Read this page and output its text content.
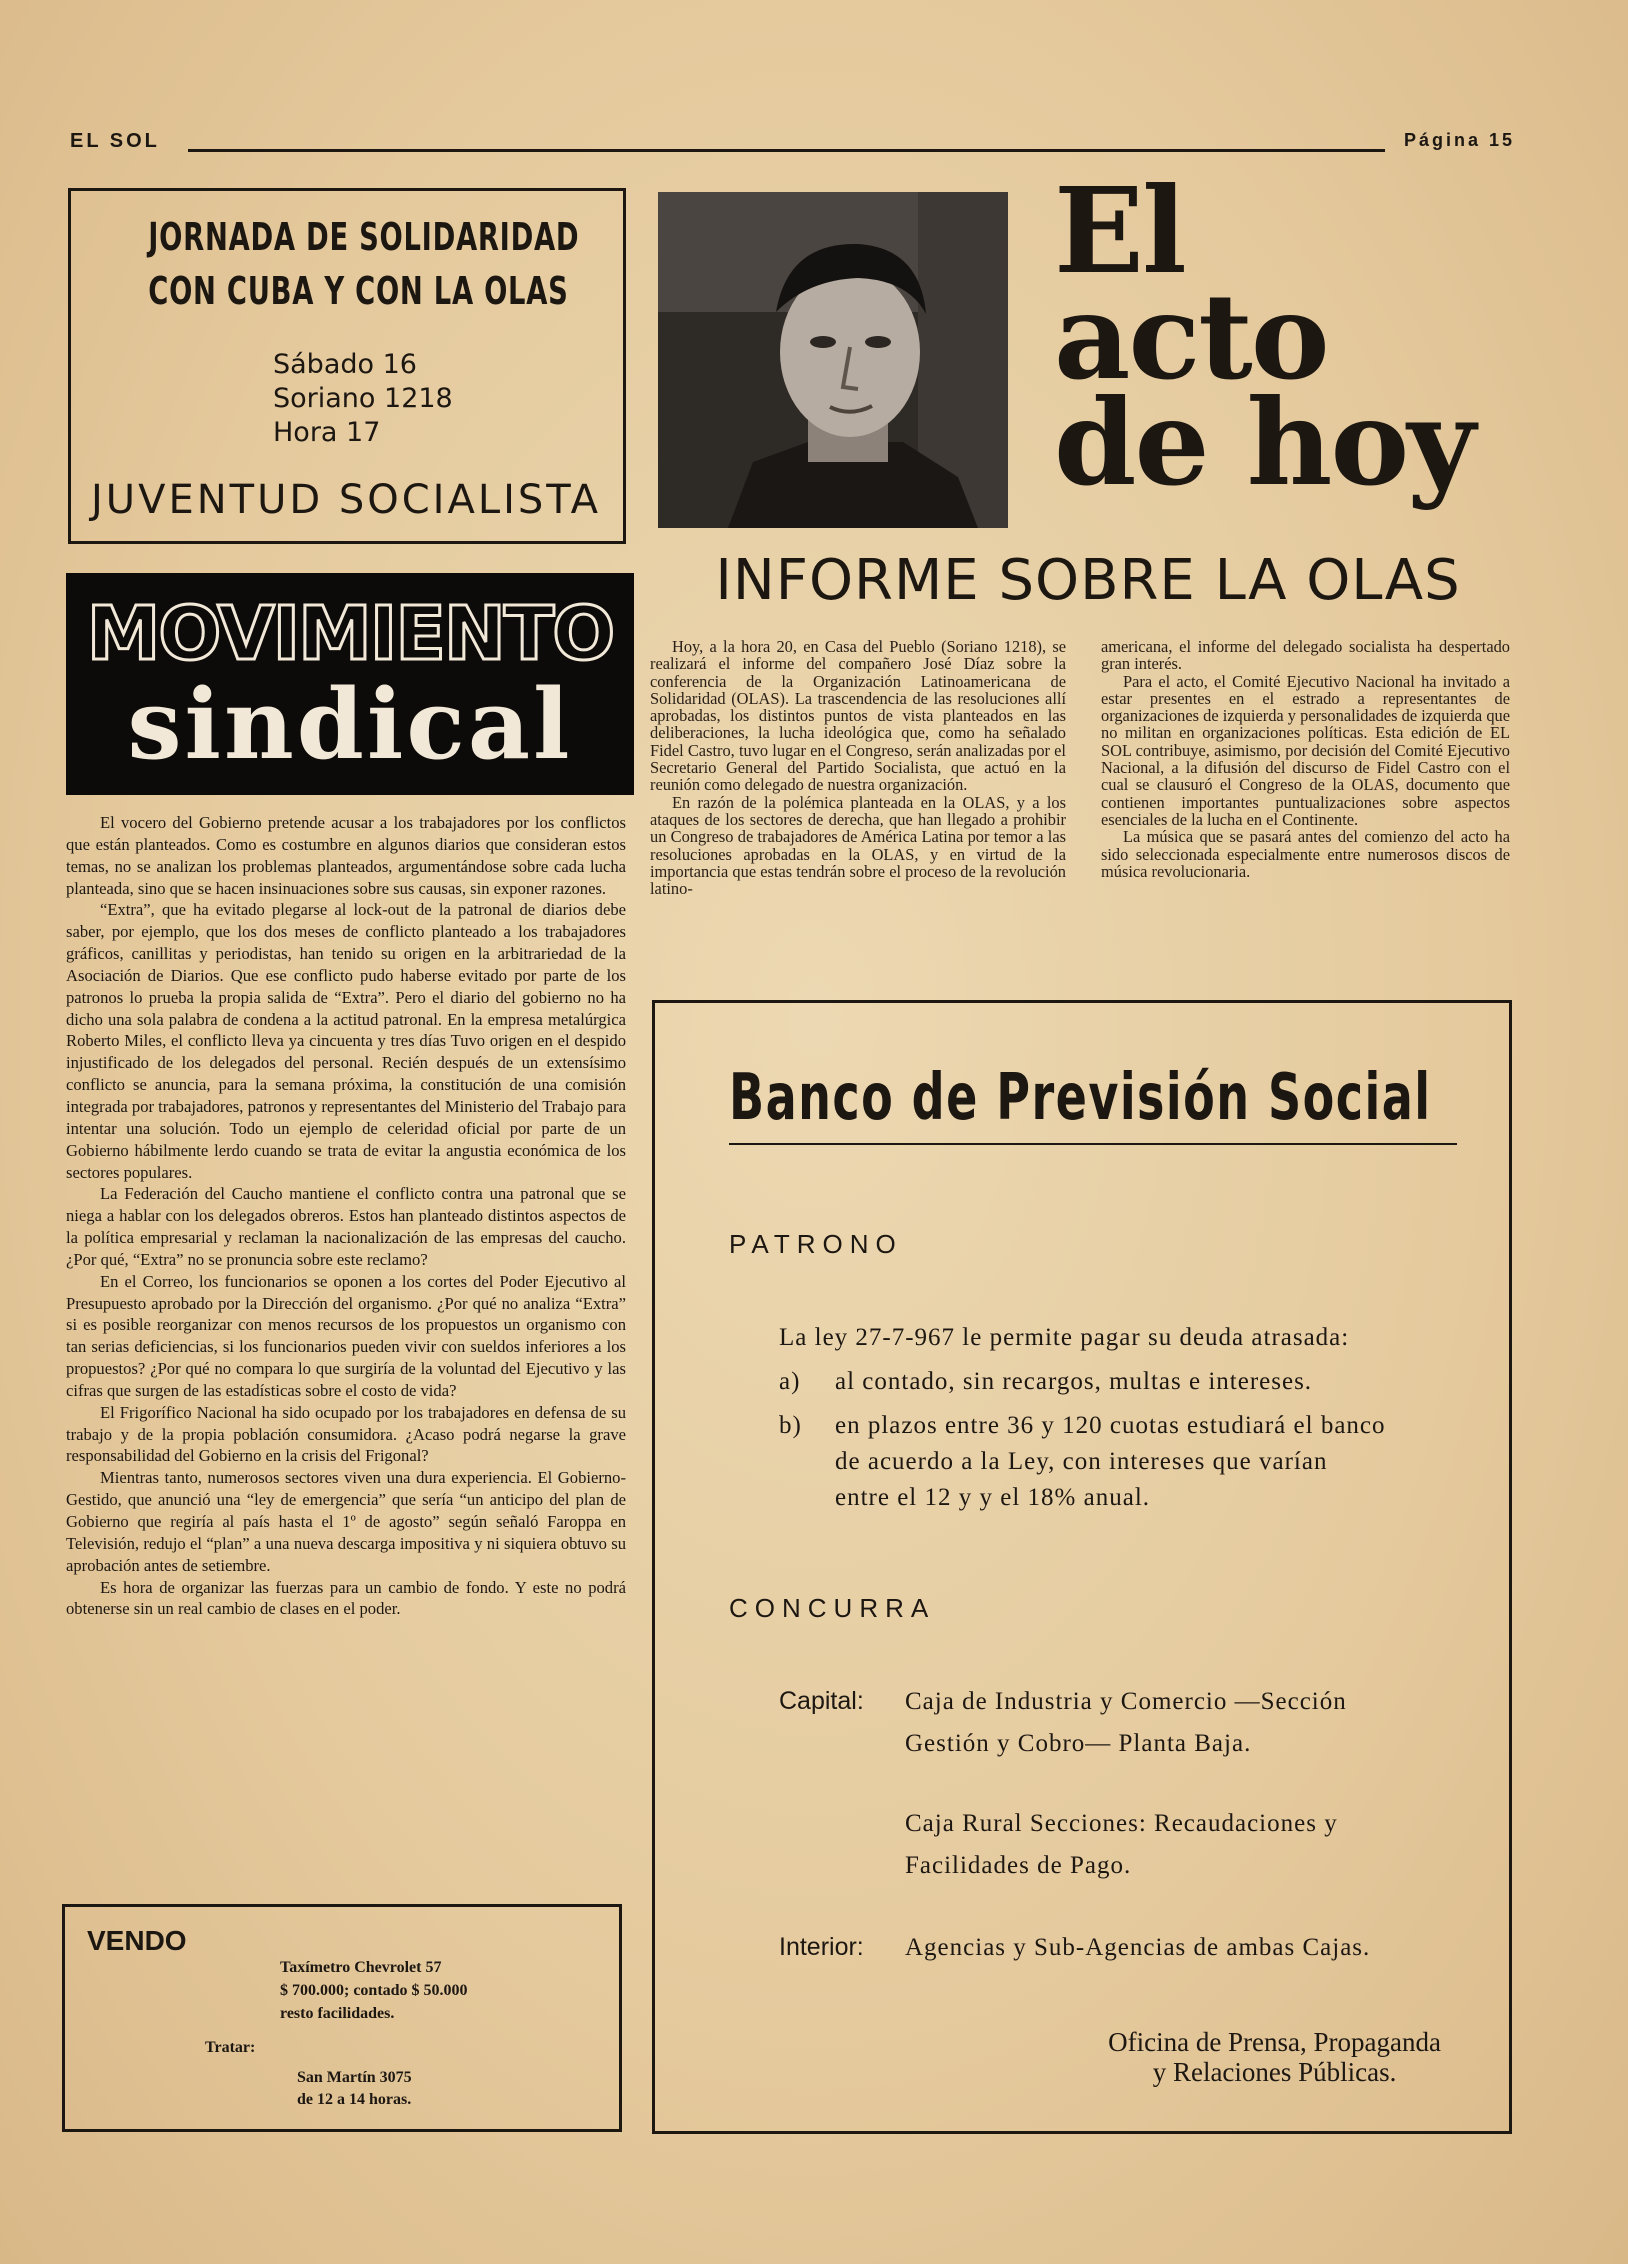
EL SOL	Página 15
JORNADA DE SOLIDARIDAD
CON CUBA Y CON LA OLAS
Sábado 16
Soriano 1218
Hora 17
JUVENTUD SOCIALISTA
MOVIMIENTO
sindical

El vocero del Gobierno pretende acusar a los trabajadores por los conflictos que están planteados. Como es costumbre en algunos diarios que consideran estos temas, no se analizan los problemas planteados, argumentándose sobre cada lucha planteada, sino que se hacen insinuaciones sobre sus causas, sin exponer razones.

“Extra”, que ha evitado plegarse al lock-out de la patronal de diarios debe saber, por ejemplo, que los dos meses de conflicto planteado a los trabajadores gráficos, canillitas y periodistas, han tenido su origen en la arbitrariedad de la Asociación de Diarios. Que ese conflicto pudo haberse evitado por parte de los patronos lo prueba la propia salida de “Extra”. Pero el diario del gobierno no ha dicho una sola palabra de condena a la actitud patronal. En la empresa metalúrgica Roberto Miles, el conflicto lleva ya cincuenta y tres días Tuvo origen en el despido injustificado de los delegados del personal. Recién después de un extensísimo conflicto se anuncia, para la semana próxima, la constitución de una comisión integrada por trabajadores, patronos y representantes del Ministerio del Trabajo para intentar una solución. Todo un ejemplo de celeridad oficial por parte de un Gobierno hábilmente lerdo cuando se trata de evitar la angustia económica de los sectores populares.

La Federación del Caucho mantiene el conflicto contra una patronal que se niega a hablar con los delegados obreros. Estos han planteado distintos aspectos de la política empresarial y reclaman la nacionalización de las empresas del caucho. ¿Por qué, “Extra” no se pronuncia sobre este reclamo?

En el Correo, los funcionarios se oponen a los cortes del Poder Ejecutivo al Presupuesto aprobado por la Dirección del organismo. ¿Por qué no analiza “Extra” si es posible reorganizar con menos recursos de los propuestos un organismo con tan serias deficiencias, si los funcionarios pueden vivir con sueldos inferiores a los propuestos? ¿Por qué no compara lo que surgiría de la voluntad del Ejecutivo y las cifras que surgen de las estadísticas sobre el costo de vida?

El Frigorífico Nacional ha sido ocupado por los trabajadores en defensa de su trabajo y de la propia población consumidora. ¿Acaso podrá negarse la grave responsabilidad del Gobierno en la crisis del Frigonal?

Mientras tanto, numerosos sectores viven una dura experiencia. El Gobierno-Gestido, que anunció una “ley de emergencia” que sería “un anticipo del plan de Gobierno que regiría al país hasta el 1º de agosto” según señaló Faroppa en Televisión, redujo el “plan” a una nueva descarga impositiva y ni siquiera obtuvo su aprobación antes de setiembre.

Es hora de organizar las fuerzas para un cambio de fondo. Y este no podrá obtenerse sin un real cambio de clases en el poder.

VENDO
Taxímetro Chevrolet 57
$ 700.000; contado $ 50.000
resto facilidades.
Tratar:
San Martín 3075
de 12 a 14 horas.
El
acto
de hoy
INFORME SOBRE LA OLAS

Hoy, a la hora 20, en Casa del Pueblo (Soriano 1218), se realizará el informe del compañero José Díaz sobre la conferencia de la Organización Latinoamericana de Solidaridad (OLAS). La trascendencia de las resoluciones allí aprobadas, los distintos puntos de vista planteados en las deliberaciones, la lucha ideológica que, como ha señalado Fidel Castro, tuvo lugar en el Congreso, serán analizadas por el Secretario General del Partido Socialista, que actuó en la reunión como delegado de nuestra organización.

En razón de la polémica planteada en la OLAS, y a los ataques de los sectores de derecha, que han llegado a prohibir un Congreso de trabajadores de América Latina por temor a las resoluciones aprobadas en la OLAS, y en virtud de la importancia que estas tendrán sobre el proceso de la revolución latino-

americana, el informe del delegado socialista ha despertado gran interés.

Para el acto, el Comité Ejecutivo Nacional ha invitado a estar presentes en el estrado a representantes de organizaciones de izquierda y personalidades de izquierda que no militan en organizaciones políticas. Esta edición de EL SOL contribuye, asimismo, por decisión del Comité Ejecutivo Nacional, a la difusión del discurso de Fidel Castro con el cual se clausuró el Congreso de la OLAS, documento que contienen importantes puntualizaciones sobre aspectos esenciales de la lucha en el Continente.

La música que se pasará antes del comienzo del acto ha sido seleccionada especialmente entre numerosos discos de música revolucionaria.

Banco de Previsión Social
PATRONO
La ley 27-7-967 le permite pagar su deuda atrasada:
a) al contado, sin recargos, multas e intereses.
b) en plazos entre 36 y 120 cuotas estudiará el banco
de acuerdo a la Ley, con intereses que varían
entre el 12 y y el 18% anual.
CONCURRA
Capital: Caja de Industria y Comercio —Sección
Gestión y Cobro— Planta Baja.
Caja Rural Secciones: Recaudaciones y
Facilidades de Pago.
Interior: Agencias y Sub-Agencias de ambas Cajas.
Oficina de Prensa, Propaganda
y Relaciones Públicas.
